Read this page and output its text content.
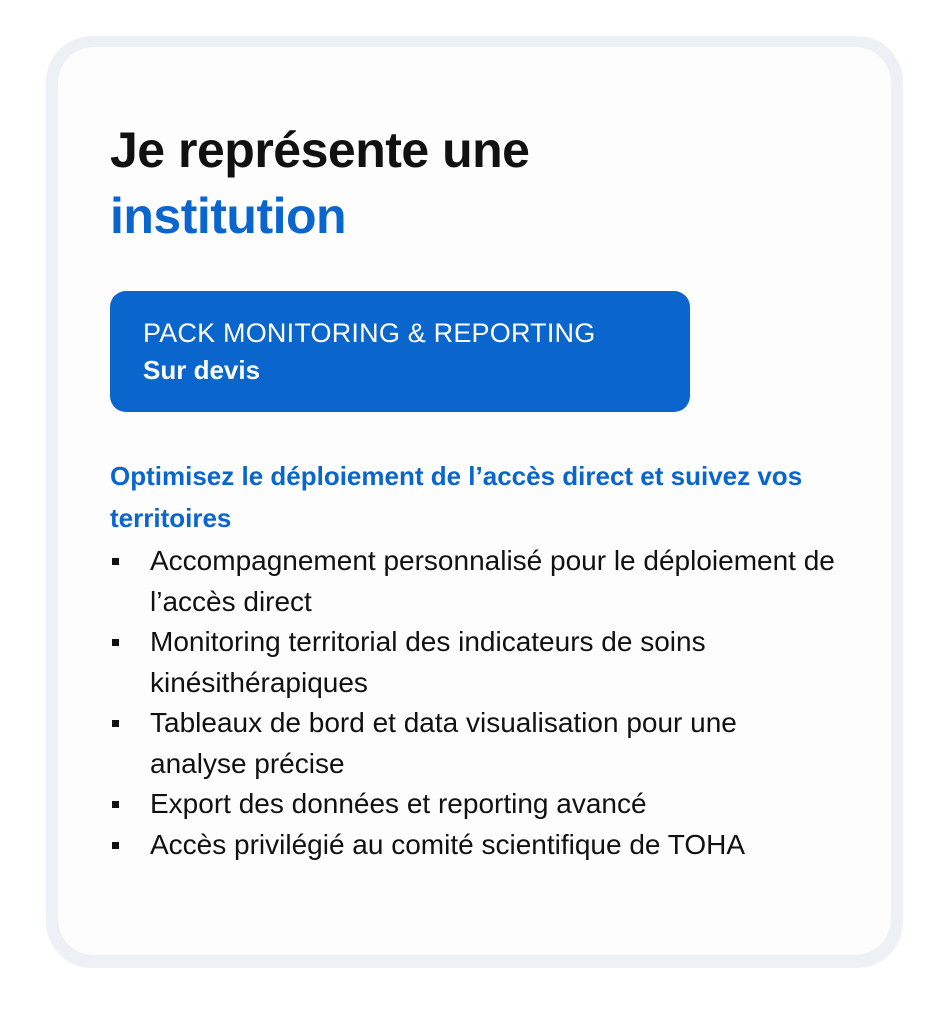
Je représente une
institution
PACK MONITORING & REPORTING
Sur devis

Optimisez le déploiement de l’accès direct et suivez vos territoires

Accompagnement personnalisé pour le déploiement de l’accès direct
Monitoring territorial des indicateurs de soins kinésithérapiques
Tableaux de bord et data visualisation pour une analyse précise
Export des données et reporting avancé
Accès privilégié au comité scientifique de TOHA
